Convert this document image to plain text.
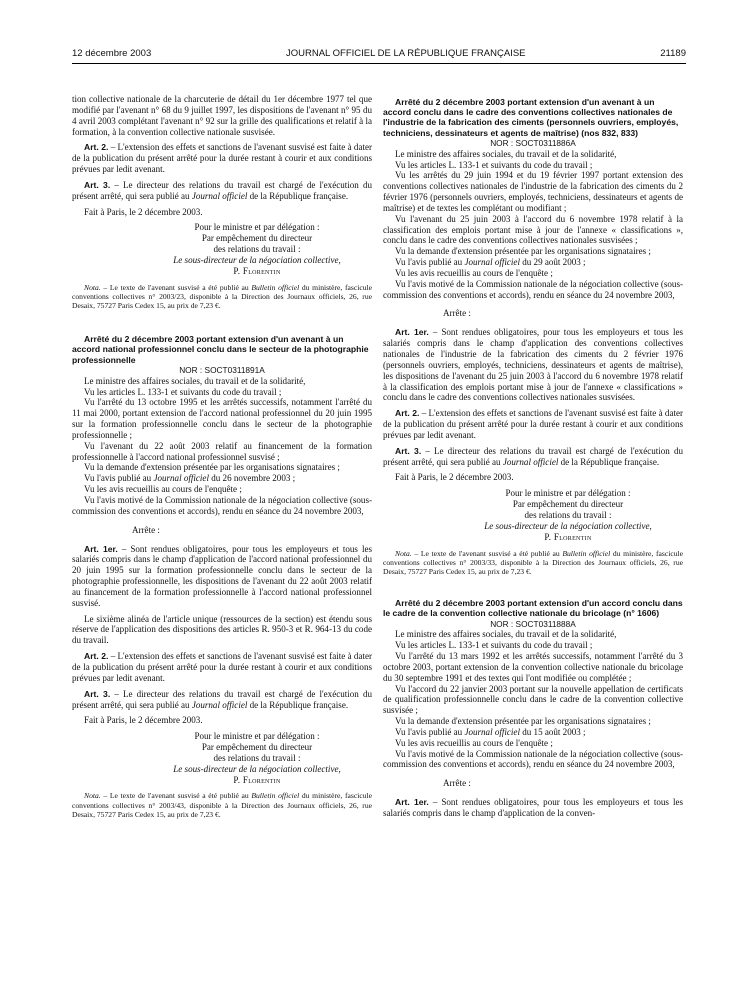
12 décembre 2003	JOURNAL OFFICIEL DE LA RÉPUBLIQUE FRANÇAISE	21189

tion collective nationale de la charcuterie de détail du 1er décembre 1977 tel que modifié par l'avenant n° 68 du 9 juillet 1997, les dispositions de l'avenant n° 95 du 4 avril 2003 complétant l'avenant n° 92 sur la grille des qualifications et relatif à la formation, à la convention collective nationale susvisée.

Art. 2. – L'extension des effets et sanctions de l'avenant susvisé est faite à dater de la publication du présent arrêté pour la durée restant à courir et aux conditions prévues par ledit avenant.

Art. 3. – Le directeur des relations du travail est chargé de l'exécution du présent arrêté, qui sera publié au Journal officiel de la République française.

Fait à Paris, le 2 décembre 2003.

Pour le ministre et par délégation :

Par empêchement du directeur

des relations du travail :

Le sous-directeur de la négociation collective,

P. Florentin

Nota. – Le texte de l'avenant susvisé a été publié au Bulletin officiel du ministère, fascicule conventions collectives n° 2003/23, disponible à la Direction des Journaux officiels, 26, rue Desaix, 75727 Paris Cedex 15, au prix de 7,23 €.

Arrêté du 2 décembre 2003 portant extension d'un avenant à un accord national professionnel conclu dans le secteur de la photographie professionnelle

NOR : SOCT0311891A

Le ministre des affaires sociales, du travail et de la solidarité,

Vu les articles L. 133-1 et suivants du code du travail ;

Vu l'arrêté du 13 octobre 1995 et les arrêtés successifs, notamment l'arrêté du 11 mai 2000, portant extension de l'accord national professionnel du 20 juin 1995 sur la formation professionnelle conclu dans le secteur de la photographie professionnelle ;

Vu l'avenant du 22 août 2003 relatif au financement de la formation professionnelle à l'accord national professionnel susvisé ;

Vu la demande d'extension présentée par les organisations signataires ;

Vu l'avis publié au Journal officiel du 26 novembre 2003 ;

Vu les avis recueillis au cours de l'enquête ;

Vu l'avis motivé de la Commission nationale de la négociation collective (sous-commission des conventions et accords), rendu en séance du 24 novembre 2003,

Arrête :

Art. 1er. – Sont rendues obligatoires, pour tous les employeurs et tous les salariés compris dans le champ d'application de l'accord national professionnel du 20 juin 1995 sur la formation professionnelle conclu dans le secteur de la photographie professionnelle, les dispositions de l'avenant du 22 août 2003 relatif au financement de la formation professionnelle à l'accord national professionnel susvisé.

Le sixième alinéa de l'article unique (ressources de la section) est étendu sous réserve de l'application des dispositions des articles R. 950-3 et R. 964-13 du code du travail.

Art. 2. – L'extension des effets et sanctions de l'avenant susvisé est faite à dater de la publication du présent arrêté pour la durée restant à courir et aux conditions prévues par ledit avenant.

Art. 3. – Le directeur des relations du travail est chargé de l'exécution du présent arrêté, qui sera publié au Journal officiel de la République française.

Fait à Paris, le 2 décembre 2003.

Pour le ministre et par délégation :

Par empêchement du directeur

des relations du travail :

Le sous-directeur de la négociation collective,

P. Florentin

Nota. – Le texte de l'avenant susvisé a été publié au Bulletin officiel du ministère, fascicule conventions collectives n° 2003/43, disponible à la Direction des Journaux officiels, 26, rue Desaix, 75727 Paris Cedex 15, au prix de 7,23 €.

Arrêté du 2 décembre 2003 portant extension d'un avenant à un accord conclu dans le cadre des conventions collectives nationales de l'industrie de la fabrication des ciments (personnels ouvriers, employés, techniciens, dessinateurs et agents de maîtrise) (nos 832, 833)

NOR : SOCT0311886A

Le ministre des affaires sociales, du travail et de la solidarité,

Vu les articles L. 133-1 et suivants du code du travail ;

Vu les arrêtés du 29 juin 1994 et du 19 février 1997 portant extension des conventions collectives nationales de l'industrie de la fabrication des ciments du 2 février 1976 (personnels ouvriers, employés, techniciens, dessinateurs et agents de maîtrise) et de textes les complétant ou modifiant ;

Vu l'avenant du 25 juin 2003 à l'accord du 6 novembre 1978 relatif à la classification des emplois portant mise à jour de l'annexe « classifications », conclu dans le cadre des conventions collectives nationales susvisées ;

Vu la demande d'extension présentée par les organisations signataires ;

Vu l'avis publié au Journal officiel du 29 août 2003 ;

Vu les avis recueillis au cours de l'enquête ;

Vu l'avis motivé de la Commission nationale de la négociation collective (sous-commission des conventions et accords), rendu en séance du 24 novembre 2003,

Arrête :

Art. 1er. – Sont rendues obligatoires, pour tous les employeurs et tous les salariés compris dans le champ d'application des conventions collectives nationales de l'industrie de la fabrication des ciments du 2 février 1976 (personnels ouvriers, employés, techniciens, dessinateurs et agents de maîtrise), les dispositions de l'avenant du 25 juin 2003 à l'accord du 6 novembre 1978 relatif à la classification des emplois portant mise à jour de l'annexe « classifications » conclu dans le cadre des conventions collectives nationales susvisées.

Art. 2. – L'extension des effets et sanctions de l'avenant susvisé est faite à dater de la publication du présent arrêté pour la durée restant à courir et aux conditions prévues par ledit avenant.

Art. 3. – Le directeur des relations du travail est chargé de l'exécution du présent arrêté, qui sera publié au Journal officiel de la République française.

Fait à Paris, le 2 décembre 2003.

Pour le ministre et par délégation :

Par empêchement du directeur

des relations du travail :

Le sous-directeur de la négociation collective,

P. Florentin

Nota. – Le texte de l'avenant susvisé a été publié au Bulletin officiel du ministère, fascicule conventions collectives n° 2003/33, disponible à la Direction des Journaux officiels, 26, rue Desaix, 75727 Paris Cedex 15, au prix de 7,23 €.

Arrêté du 2 décembre 2003 portant extension d'un accord conclu dans le cadre de la convention collective nationale du bricolage (n° 1606)

NOR : SOCT0311888A

Le ministre des affaires sociales, du travail et de la solidarité,

Vu les articles L. 133-1 et suivants du code du travail ;

Vu l'arrêté du 13 mars 1992 et les arrêtés successifs, notamment l'arrêté du 3 octobre 2003, portant extension de la convention collective nationale du bricolage du 30 septembre 1991 et des textes qui l'ont modifiée ou complétée ;

Vu l'accord du 22 janvier 2003 portant sur la nouvelle appellation de certificats de qualification professionnelle conclu dans le cadre de la convention collective susvisée ;

Vu la demande d'extension présentée par les organisations signataires ;

Vu l'avis publié au Journal officiel du 15 août 2003 ;

Vu les avis recueillis au cours de l'enquête ;

Vu l'avis motivé de la Commission nationale de la négociation collective (sous-commission des conventions et accords), rendu en séance du 24 novembre 2003,

Arrête :

Art. 1er. – Sont rendues obligatoires, pour tous les employeurs et tous les salariés compris dans le champ d'application de la conven-
